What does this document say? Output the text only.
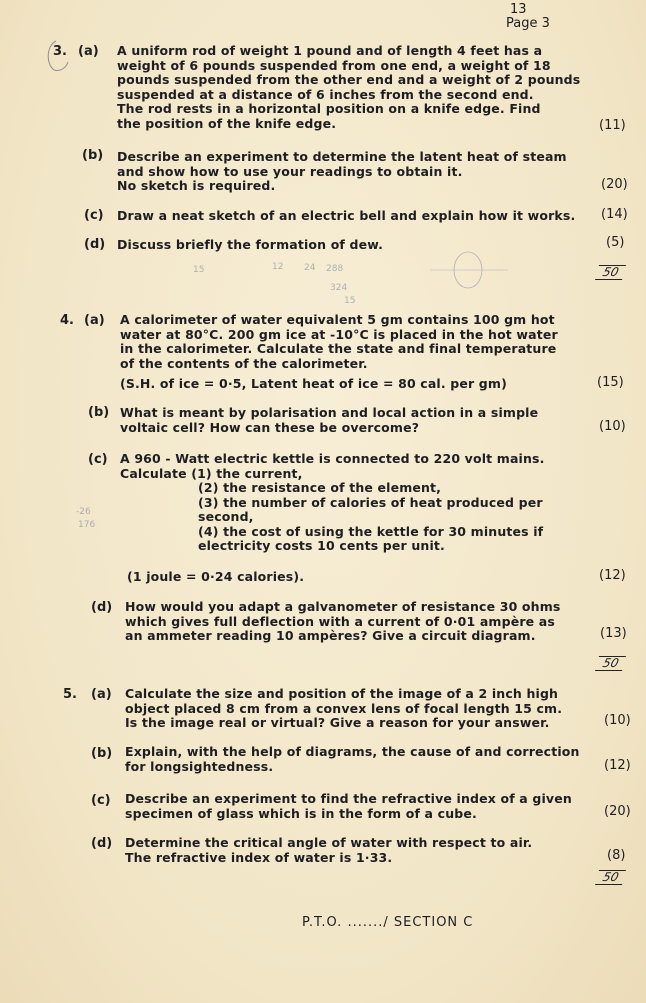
13
Page 3
3. (a) A uniform rod of weight 1 pound and of length 4 feet has a
weight of 6 pounds suspended from one end, a weight of 18
pounds suspended from the other end and a weight of 2 pounds
suspended at a distance of 6 inches from the second end.
The rod rests in a horizontal position on a knife edge. Find
the position of the knife edge.	(11)
(b) Describe an experiment to determine the latent heat of steam
and show how to use your readings to obtain it.
No sketch is required.	(20)
(c) Draw a neat sketch of an electric bell and explain how it works. (14)
(d) Discuss briefly the formation of dew.	(5)
50
12 24 288
15
324
15
4. (a) A calorimeter of water equivalent 5 gm contains 100 gm hot
water at 80°C. 200 gm ice at -10°C is placed in the hot water
in the calorimeter. Calculate the state and final temperature
of the contents of the calorimeter.
(S.H. of ice = 0·5, Latent heat of ice = 80 cal. per gm)	(15)
(b) What is meant by polarisation and local action in a simple
voltaic cell? How can these be overcome?	(10)
(c) A 960 - Watt electric kettle is connected to 220 volt mains.
Calculate (1) the current,
(2) the resistance of the element,
(3) the number of calories of heat produced per
second,
(4) the cost of using the kettle for 30 minutes if
electricity costs 10 cents per unit.
-26
176
(1 joule = 0·24 calories).	(12)
(d) How would you adapt a galvanometer of resistance 30 ohms
which gives full deflection with a current of 0·01 ampère as
an ammeter reading 10 ampères? Give a circuit diagram.	(13)
50
5. (a) Calculate the size and position of the image of a 2 inch high
object placed 8 cm from a convex lens of focal length 15 cm.
Is the image real or virtual? Give a reason for your answer.	(10)
(b) Explain, with the help of diagrams, the cause of and correction
for longsightedness.	(12)
(c) Describe an experiment to find the refractive index of a given
specimen of glass which is in the form of a cube.	(20)
(d) Determine the critical angle of water with respect to air.
The refractive index of water is 1·33.	(8)
50
P.T.O. ......./ SECTION C
